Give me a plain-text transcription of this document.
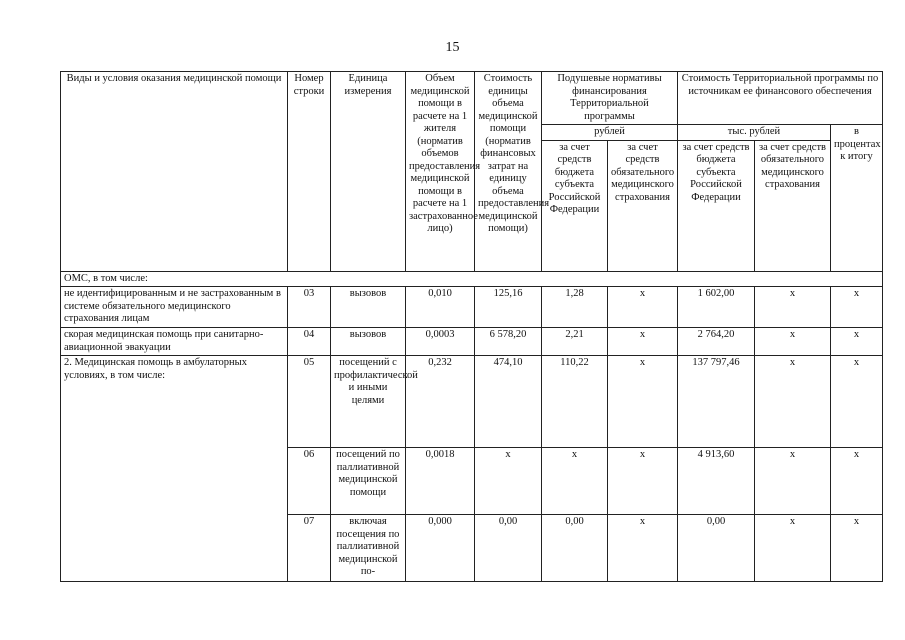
15
Виды и условия оказания медицинской помощи	Номер строки	Единица измерения	Объем медицинской помощи в расчете на 1 жителя (норматив объемов предоставления медицинской помощи в расчете на 1 застрахованное лицо)	Стоимость единицы объема медицинской помощи (норматив финансовых затрат на единицу объема предоставления медицинской помощи)	Подушевые нормативы финансирования Территориальной программы		Стоимость Территориальной программы по источникам ее финансового обеспечения		
					рублей		тыс. рублей		в процентах к итогу
					за счет средств бюджета субъекта Российской Федерации	за счет средств обязательного медицинского страхования	за счет средств бюджета субъекта Российской Федерации	за счет средств обязательного медицинского страхования	
ОМС, в том числе:									
не идентифицированным и не застрахованным в системе обязательного медицинского страхования лицам	03	вызовов	0,010	125,16	1,28	х	1 602,00	х	х
скорая медицинская помощь при санитарно-авиационной эвакуации	04	вызовов	0,0003	6 578,20	2,21	х	2 764,20	х	х
2. Медицинская помощь в амбулаторных условиях, в том числе:	05	посещений с профилактической и иными целями	0,232	474,10	110,22	х	137 797,46	х	х
	06	посещений по паллиативной медицинской помощи	0,0018	х	х	х	4 913,60	х	х
	07	включая посещения по паллиативной медицинской по-	0,000	0,00	0,00	х	0,00	х	х
